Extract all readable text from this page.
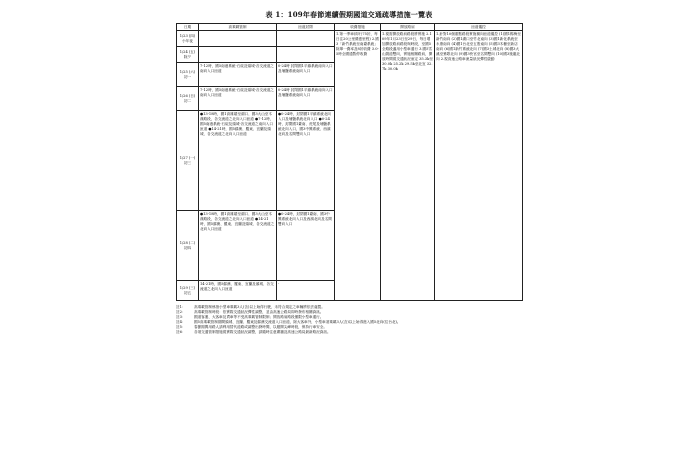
表 1：109年春節連續假期國道交通疏導措施一覽表
日期	高乘載管制	匝道封閉	收費措施	開放路肩	匝道儀控
1/23 (四) 小年夜			1.第一季車(即行75折，每日注20公里優惠里程) 2.國3「新竹系統至南臺系統」除單一費率及8折收費 3.0-5時全國通暫停收費	1.視需開放路肩路段將實施 2.109年1月23日至29日，每日增加開放路肩路段與時段，至國5全路段適用小型車通行 3.國5雪山隧道雙向，實施相關路肩，開放時間視交通狀況而定 35.3k至30.0k 25.2k 29.5k至北宜 32.7k 30.0k	1.針對10個重點路段實施橫向匝道儀控 (1)國1楊梅至新竹南向 (2)國1湖口至竹北南向 (3)國1新化系統至永康南向 (4)國1台北至五股南向 (5)國3木柵至新店南向 (6)國1新竹系統北向 (7)國3土城北向 (8)國3大溪至鶯歌北向 (9)國3快官至名間雙向 (10)國3後龍北向 2.視高速公路車流量狀況彈性啟動
1/24 (五) 除夕					
1/25 (六) 初一	7-12時，國5南港系統-石碇及頭城-各交流道之南向入口匝道	0-24時 封閉國1平鎮系統南向入口及埔鹽系統南向入口			
1/26 (日) 初二	7-12時，國5南港系統-石碇及頭城-各交流道之南向入口匝道	0-24時 封閉國1平鎮系統南向入口及埔鹽系統南向入口			
1/27 (一) 初三	●13-18時，國1高雄端至湖口、國3大山至木漢路段，各交流道之北向入口匝道 ●7-12時，國5南港系統-石碇及頭城-各交流道之南向入口匝道 ●14-21時，國5蘇澳、羅東、宜蘭及頭城、各交流道之北向入口匝道	●0-24時，封閉國1平鎮系統北向入口及埔鹽系統北向入口 ●0-24時，封閉國1臺南、虎尾及埔鹽系統北向入口，國3中興系統、西濱北向及名間雙向入口			
1/28 (二) 初四	●13-18時，國1高雄端至湖口、國3大山至木漢路段，各交流道之北向入口匝道 ●14-21時，國5蘇澳、羅東、宜蘭及頭城、各交流道之北向入口匝道	●0-24時，封閉國1臺南、國3中興系統北向入口及西濱北向及名間雙向入口			
1/29 (三) 初五	14-21時，國5蘇澳、羅東、宜蘭及頭城、各交流道之北向入口匝道	-			
註1：	高乘載管制係指小型車乘載3人(含)以上始得行駛，未符合規定之車輛將依法處罰。
註2：	高乘載管制時段：依實際交通狀況彈性調整，並由高速公路局即時發布相關資訊。
註3：	國道客運、大客車及貨車等不受高乘載管制限制；開放路肩路段僅限小型車通行。
註4：	國5高乘載管制期間頭城、宜蘭、羅東及蘇澳交流道入口匝道，除大客車外，小型車須乘載3人(含)以上始得進入國5北向(往台北)。
註5：	春節期間用路人請利用替代道路或調整出發時間，以避開尖峰時段，保持行車安全。
註6：	各項交通管制措施視實際交通狀況調整，請隨時注意廣播及高速公路局最新路況資訊。
